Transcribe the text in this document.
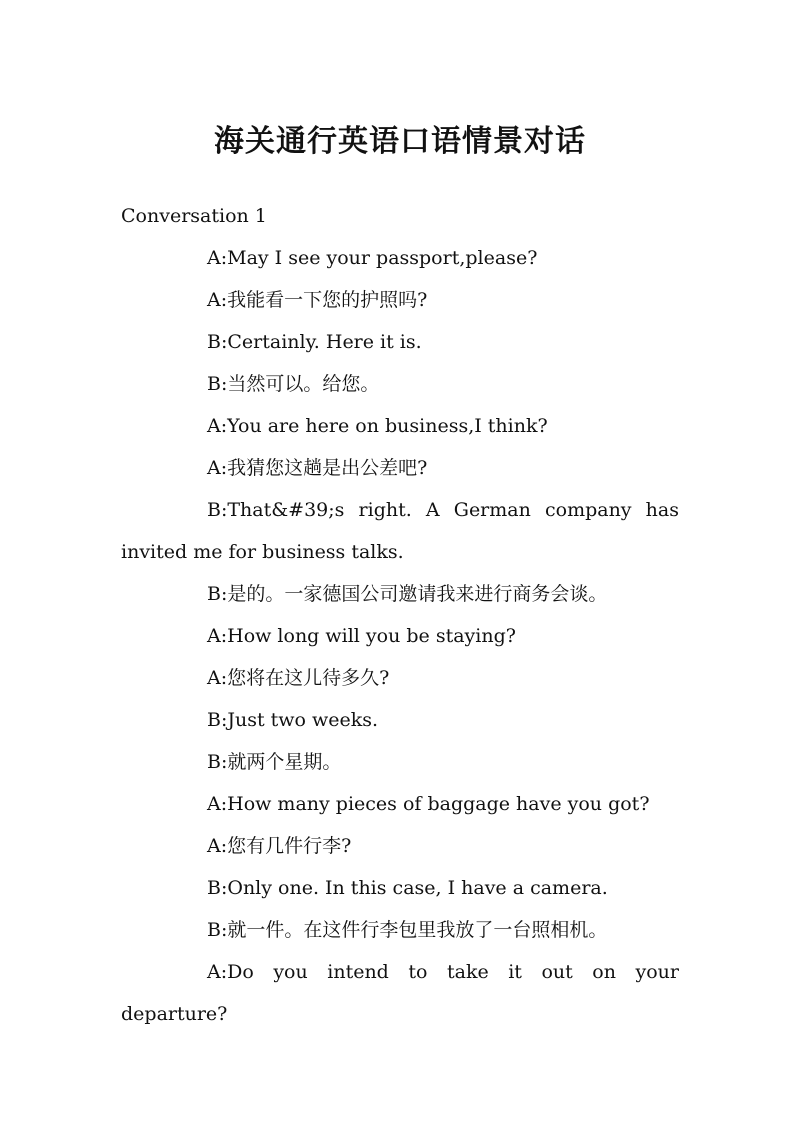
海关通行英语口语情景对话

Conversation 1

A:May I see your passport,please?

A:我能看一下您的护照吗?

B:Certainly. Here it is.

B:当然可以。给您。

A:You are here on business,I think?

A:我猜您这趟是出公差吧?

B:That&#39;s right. A German company has invited me for business talks.

B:是的。一家德国公司邀请我来进行商务会谈。

A:How long will you be staying?

A:您将在这儿待多久?

B:Just two weeks.

B:就两个星期。

A:How many pieces of baggage have you got?

A:您有几件行李?

B:Only one. In this case, I have a camera.

B:就一件。在这件行李包里我放了一台照相机。

A:Do you intend to take it out on your departure?
